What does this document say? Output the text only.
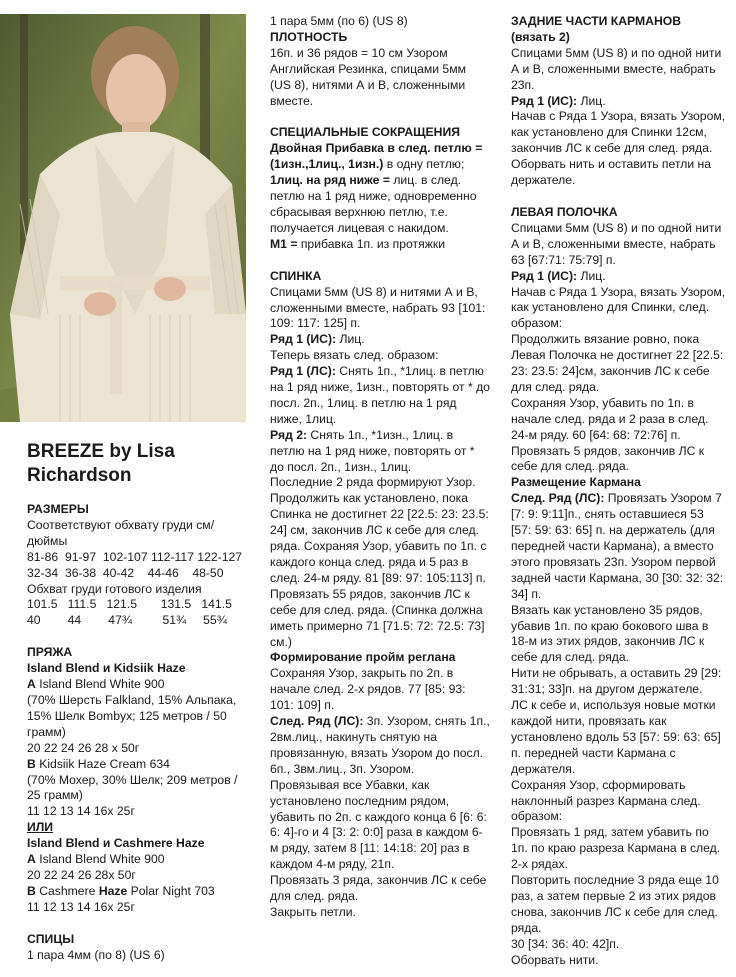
BREEZE by Lisa Richardson

РАЗМЕРЫ

Соответствуют обхвату груди см/ дюймы

81-86  91-97  102-107 112-117 122-127

32-34  36-38  40-42    44-46    48-50

Обхват груди готового изделия

101.5   111.5   121.5       131.5   141.5

40        44        47¾         51¾     55¾

ПРЯЖА

Island Blend и Kidsiik Haze

A Island Blend White 900

(70% Шерсть Falkland, 15% Альпака, 15% Шелк Bombyx; 125 метров / 50 грамм)

20 22 24 26 28 x 50г

B Kidsiik Haze Cream 634

(70% Мохер, 30% Шелк; 209 метров / 25 грамм)

11 12 13 14 16x 25г

ИЛИ

Island Blend и Cashmere Haze

A Island Blend White 900

20 22 24 26 28x 50г

B Cashmere Haze Polar Night 703

11 12 13 14 16x 25г

СПИЦЫ

1 пара 4мм (по 8) (US 6)

1 пара 5мм (по 6) (US 8)

ПЛОТНОСТЬ

16п. и 36 рядов = 10 см Узором Английская Резинка, спицами 5мм (US 8), нитями А и В, сложенными вместе.

СПЕЦИАЛЬНЫЕ СОКРАЩЕНИЯ

Двойная Прибавка в след. петлю = (1изн.,1лиц., 1изн.) в одну петлю;

1лиц. на ряд ниже = лиц. в след. петлю на 1 ряд ниже, одновременно сбрасывая верхнюю петлю, т.е. получается лицевая с накидом.

M1 = прибавка 1п. из протяжки

СПИНКА

Спицами 5мм (US 8) и нитями А и В, сложенными вместе, набрать 93 [101: 109: 117: 125] п.

Ряд 1 (ИС): Лиц.

Теперь вязать след. образом:

Ряд 1 (ЛС): Снять 1п., *1лиц. в петлю на 1 ряд ниже, 1изн., повторять от * до посл. 2п., 1лиц. в петлю на 1 ряд ниже, 1лиц.

Ряд 2: Снять 1п., *1изн., 1лиц. в петлю на 1 ряд ниже, повторять от * до посл. 2п., 1изн., 1лиц.

Последние 2 ряда формируют Узор. Продолжить как установлено, пока Спинка не достигнет 22 [22.5: 23: 23.5: 24] см, закончив ЛС к себе для след. ряда. Сохраняя Узор, убавить по 1п. с каждого конца след. ряда и 5 раз в след. 24-м ряду. 81 [89: 97: 105:113] п.

Провязать 55 рядов, закончив ЛС к себе для след. ряда. (Спинка должна иметь примерно 71 [71.5: 72: 72.5: 73] см.)

Формирование пройм реглана

Сохраняя Узор, закрыть по 2п. в начале след. 2-х рядов. 77 [85: 93: 101: 109] п.

След. Ряд (ЛС): 3п. Узором, снять 1п., 2вм.лиц., накинуть снятую на провязанную, вязать Узором до посл. 6п., 3вм.лиц., 3п. Узором.

Провязывая все Убавки, как установлено последним рядом, убавить по 2п. с каждого конца 6 [6: 6: 6: 4]-го и 4 [3: 2: 0:0] раза в каждом 6-м ряду, затем 8 [11: 14:18: 20] раз в каждом 4-м ряду, 21п.

Провязать 3 ряда, закончив ЛС к себе для след. ряда.

Закрыть петли.

ЗАДНИЕ ЧАСТИ КАРМАНОВ (вязать 2)

Спицами 5мм (US 8) и по одной нити А и В, сложенными вместе, набрать 23п.

Ряд 1 (ИС): Лиц.

Начав с Ряда 1 Узора, вязать Узором, как установлено для Спинки 12см, закончив ЛС к себе для след. ряда. Оборвать нить и оставить петли на держателе.

ЛЕВАЯ ПОЛОЧКА

Спицами 5мм (US 8) и по одной нити А и В, сложенными вместе, набрать 63 [67:71: 75:79] п.

Ряд 1 (ИС): Лиц.

Начав с Ряда 1 Узора, вязать Узором, как установлено для Спинки, след. образом:

Продолжить вязание ровно, пока Левая Полочка не достигнет 22 [22.5: 23: 23.5: 24]см, закончив ЛС к себе для след. ряда.

Сохраняя Узор, убавить по 1п. в начале след. ряда и 2 раза в след. 24-м ряду. 60 [64: 68: 72:76] п.

Провязать 5 рядов, закончив ЛС к себе для след. ряда.

Размещение Кармана

След. Ряд (ЛС): Провязать Узором 7 [7: 9: 9:11]п., снять оставшиеся 53 [57: 59: 63: 65] п. на держатель (для передней части Кармана), а вместо этого провязать 23п. Узором первой задней части Кармана, 30 [30: 32: 32: 34] п.

Вязать как установлено 35 рядов, убавив 1п. по краю бокового шва в 18-м из этих рядов, закончив ЛС к себе для след. ряда.

Нити не обрывать, а оставить 29 [29: 31:31; 33]п. на другом держателе.

ЛС к себе и, используя новые мотки каждой нити, провязать как установлено вдоль 53 [57: 59: 63: 65] п. передней части Кармана с держателя.

Сохраняя Узор, сформировать наклонный разрез Кармана след. образом:

Провязать 1 ряд, затем убавить по 1п. по краю разреза Кармана в след. 2-х рядах.

Повторить последние 3 ряда еще 10 раз, а затем первые 2 из этих рядов снова, закончив ЛС к себе для след. ряда.

30 [34: 36: 40: 42]п.

Оборвать нити.
